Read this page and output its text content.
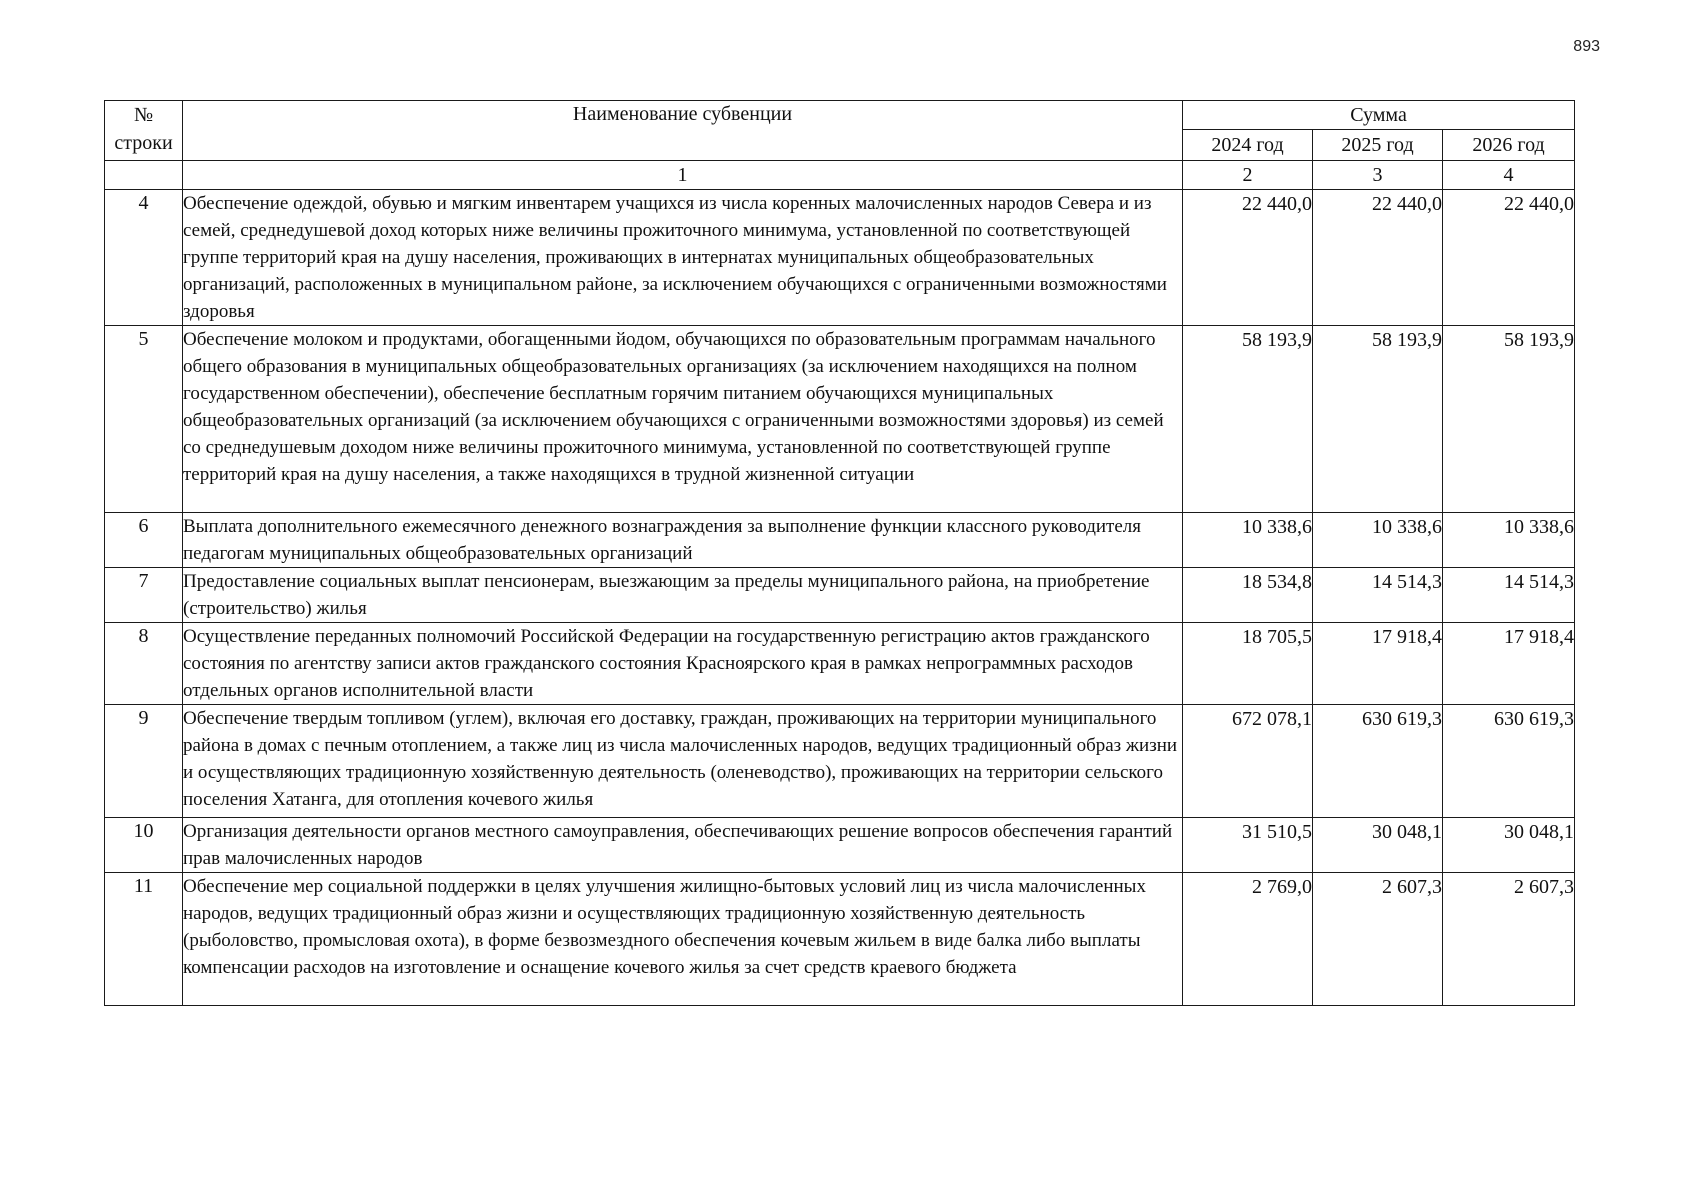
893
№ строки	Наименование субвенции	Сумма		
		2024 год	2025 год	2026 год
	1	2	3	4
4	Обеспечение одеждой, обувью и мягким инвентарем учащихся из числа коренных малочисленных народов Севера и из семей, среднедушевой доход которых ниже величины прожиточного минимума, установленной по соответствующей группе территорий края на душу населения, проживающих в интернатах муниципальных общеобразовательных организаций, расположенных в муниципальном районе, за исключением обучающихся с ограниченными возможностями здоровья	22 440,0	22 440,0	22 440,0
5	Обеспечение молоком и продуктами, обогащенными йодом, обучающихся по образовательным программам начального общего образования в муниципальных общеобразовательных организациях (за исключением находящихся на полном государственном обеспечении), обеспечение бесплатным горячим питанием обучающихся муниципальных общеобразовательных организаций (за исключением обучающихся с ограниченными возможностями здоровья) из семей со среднедушевым доходом ниже величины прожиточного минимума, установленной по соответствующей группе территорий края на душу населения, а также находящихся в трудной жизненной ситуации	58 193,9	58 193,9	58 193,9
6	Выплата дополнительного ежемесячного денежного вознаграждения за выполнение функции классного руководителя педагогам муниципальных общеобразовательных организаций	10 338,6	10 338,6	10 338,6
7	Предоставление социальных выплат пенсионерам, выезжающим за пределы муниципального района, на приобретение (строительство) жилья	18 534,8	14 514,3	14 514,3
8	Осуществление переданных полномочий Российской Федерации на государственную регистрацию актов гражданского состояния по агентству записи актов гражданского состояния Красноярского края в рамках непрограммных расходов отдельных органов исполнительной власти	18 705,5	17 918,4	17 918,4
9	Обеспечение твердым топливом (углем), включая его доставку, граждан, проживающих на территории муниципального района в домах с печным отоплением, а также лиц из числа малочисленных народов, ведущих традиционный образ жизни и осуществляющих традиционную хозяйственную деятельность (оленеводство), проживающих на территории сельского поселения Хатанга, для отопления кочевого жилья	672 078,1	630 619,3	630 619,3
10	Организация деятельности органов местного самоуправления, обеспечивающих решение вопросов обеспечения гарантий прав малочисленных народов	31 510,5	30 048,1	30 048,1
11	Обеспечение мер социальной поддержки в целях улучшения жилищно-бытовых условий лиц из числа малочисленных народов, ведущих традиционный образ жизни и осуществляющих традиционную хозяйственную деятельность (рыболовство, промысловая охота), в форме безвозмездного обеспечения кочевым жильем в виде балка либо выплаты компенсации расходов на изготовление и оснащение кочевого жилья за счет средств краевого бюджета	2 769,0	2 607,3	2 607,3
